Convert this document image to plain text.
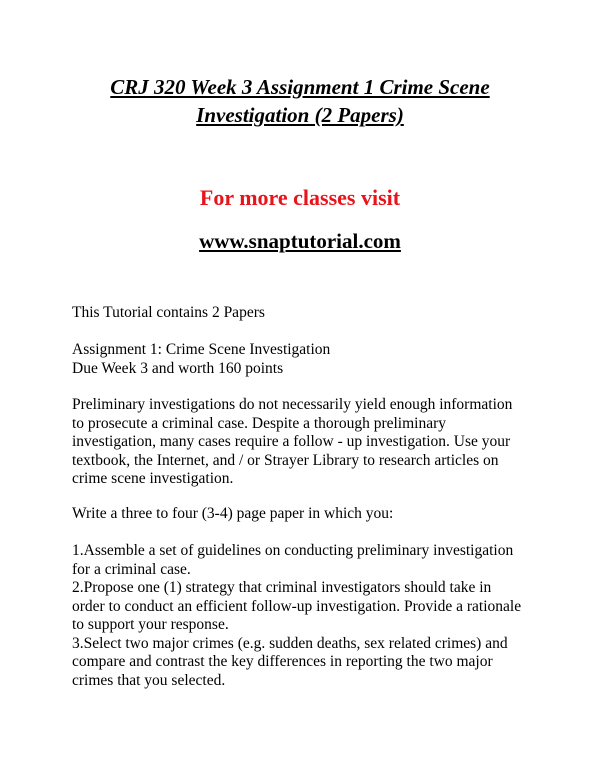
CRJ 320 Week 3 Assignment 1 Crime Scene
Investigation (2 Papers)

For more classes visit

www.snaptutorial.com

This Tutorial contains 2 Papers

Assignment 1: Crime Scene Investigation
Due Week 3 and worth 160 points

Preliminary investigations do not necessarily yield enough information
to prosecute a criminal case. Despite a thorough preliminary
investigation, many cases require a follow - up investigation. Use your
textbook, the Internet, and / or Strayer Library to research articles on
crime scene investigation.

Write a three to four (3-4) page paper in which you:

1.Assemble a set of guidelines on conducting preliminary investigation
for a criminal case.
2.Propose one (1) strategy that criminal investigators should take in
order to conduct an efficient follow-up investigation. Provide a rationale
to support your response.
3.Select two major crimes (e.g. sudden deaths, sex related crimes) and
compare and contrast the key differences in reporting the two major
crimes that you selected.
